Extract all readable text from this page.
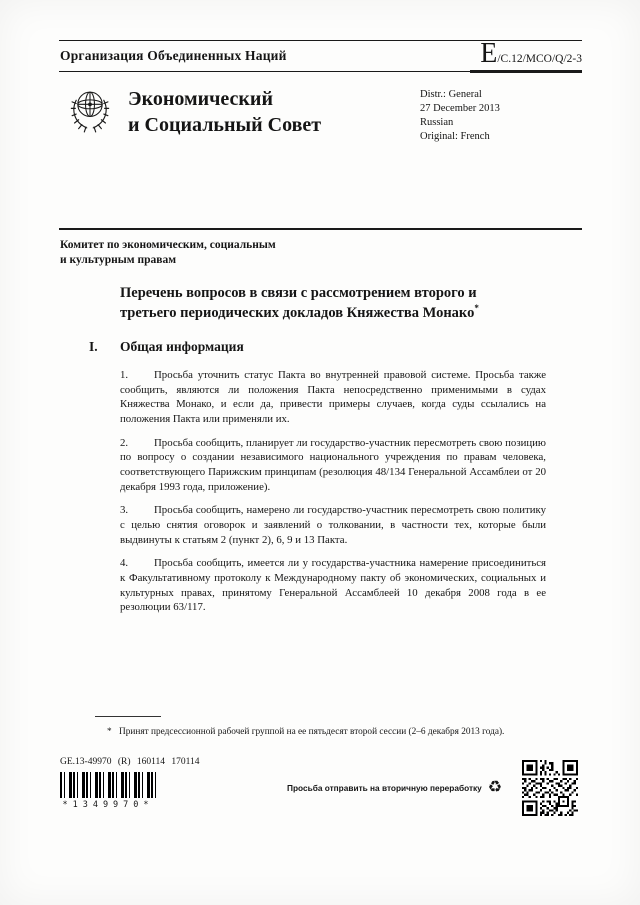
Организация Объединенных Наций	E /C.12/MCO/Q/2-3
Экономический
и Социальный Совет
Distr.: General
27 December 2013
Russian
Original: French
Комитет по экономическим, социальным
и культурным правам
Перечень вопросов в связи с рассмотрением второго и третьего периодических докладов Княжества Монако*
I. Общая информация

1. Просьба уточнить статус Пакта во внутренней правовой системе. Просьба также сообщить, являются ли положения Пакта непосредственно применимыми в судах Княжества Монако, и если да, привести примеры случаев, когда суды ссылались на положения Пакта или применяли их.

2. Просьба сообщить, планирует ли государство-участник пересмотреть свою позицию по вопросу о создании независимого национального учреждения по правам человека, соответствующего Парижским принципам (резолюция 48/134 Генеральной Ассамблеи от 20 декабря 1993 года, приложение).

3. Просьба сообщить, намерено ли государство-участник пересмотреть свою политику с целью снятия оговорок и заявлений о толковании, в частности тех, которые были выдвинуты к статьям 2 (пункт 2), 6, 9 и 13 Пакта.

4. Просьба сообщить, имеется ли у государства-участника намерение присоединиться к Факультативному протоколу к Международному пакту об экономических, социальных и культурных правах, принятому Генеральной Ассамблеей 10 декабря 2008 года в ее резолюции 63/117.

* Принят предсессионной рабочей группой на ее пятьдесят второй сессии (2–6 декабря 2013 года).

GE.13-49970 (R) 160114 170114
*1349970*
Просьба отправить на вторичную переработку ♻
